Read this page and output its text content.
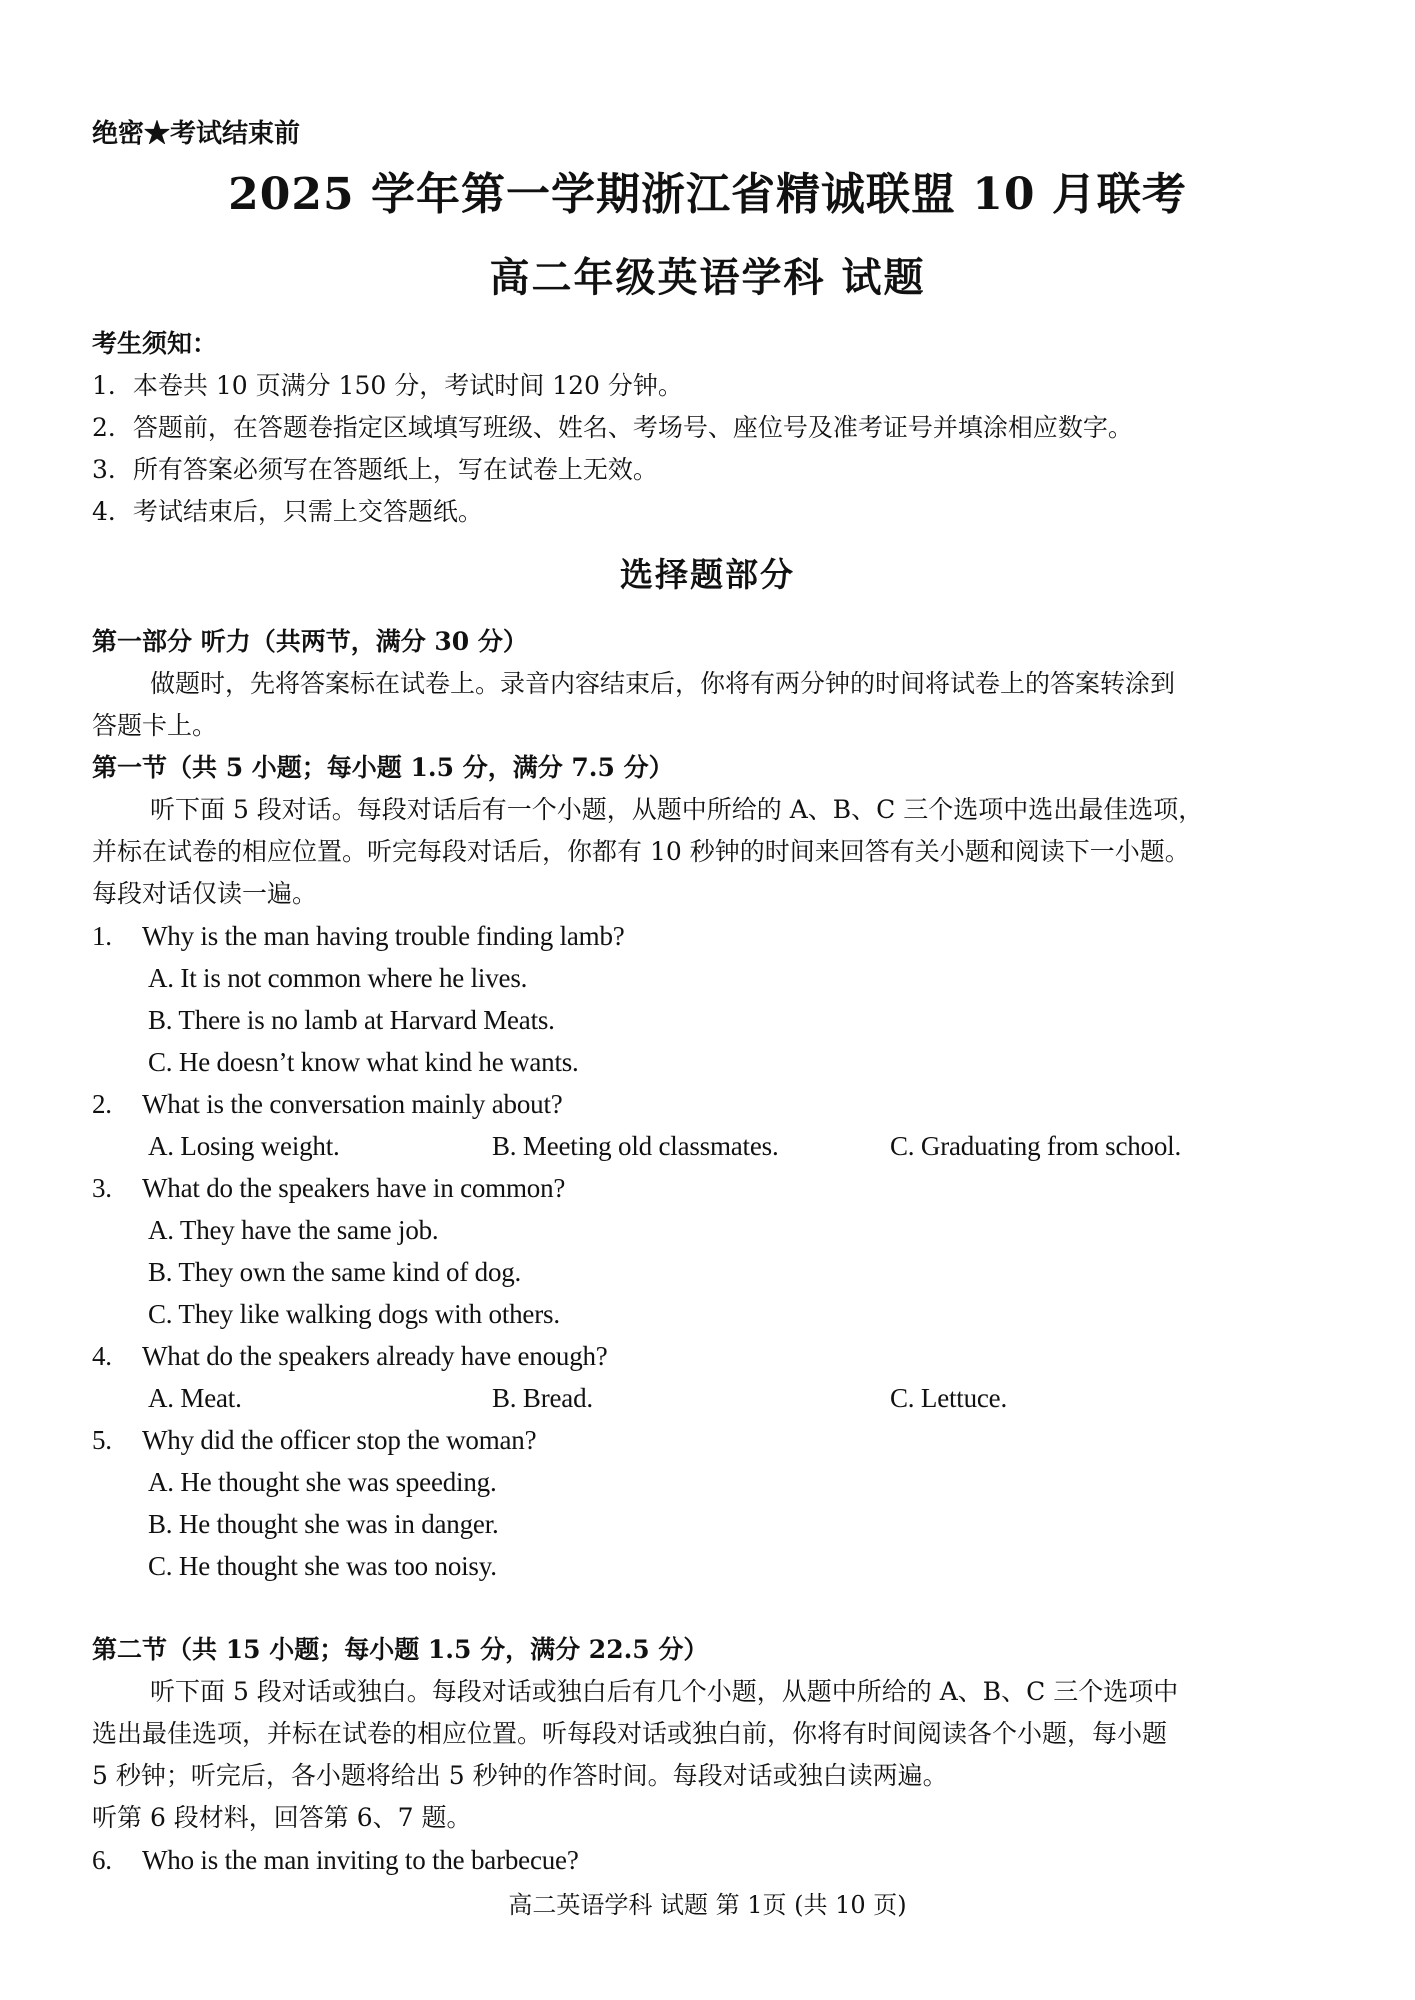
绝密★考试结束前
2025 学年第一学期浙江省精诚联盟 10 月联考
高二年级英语学科 试题
考生须知：
1．本卷共 10 页满分 150 分，考试时间 120 分钟。
2．答题前，在答题卷指定区域填写班级、姓名、考场号、座位号及准考证号并填涂相应数字。
3．所有答案必须写在答题纸上，写在试卷上无效。
4．考试结束后，只需上交答题纸。
选择题部分
第一部分 听力（共两节，满分 30 分）
做题时，先将答案标在试卷上。录音内容结束后，你将有两分钟的时间将试卷上的答案转涂到
答题卡上。
第一节（共 5 小题；每小题 1.5 分，满分 7.5 分）
听下面 5 段对话。每段对话后有一个小题，从题中所给的 A、B、C 三个选项中选出最佳选项，
并标在试卷的相应位置。听完每段对话后，你都有 10 秒钟的时间来回答有关小题和阅读下一小题。
每段对话仅读一遍。
1.	Why is the man having trouble finding lamb?
A. It is not common where he lives.
B. There is no lamb at Harvard Meats.
C. He doesn’t know what kind he wants.
2.	What is the conversation mainly about?
A. Losing weight.	B. Meeting old classmates.	C. Graduating from school.
3.	What do the speakers have in common?
A. They have the same job.
B. They own the same kind of dog.
C. They like walking dogs with others.
4.	What do the speakers already have enough?
A. Meat.	B. Bread.	C. Lettuce.
5.	Why did the officer stop the woman?
A. He thought she was speeding.
B. He thought she was in danger.
C. He thought she was too noisy.
第二节（共 15 小题；每小题 1.5 分，满分 22.5 分）
听下面 5 段对话或独白。每段对话或独白后有几个小题，从题中所给的 A、B、C 三个选项中
选出最佳选项，并标在试卷的相应位置。听每段对话或独白前，你将有时间阅读各个小题，每小题
5 秒钟；听完后，各小题将给出 5 秒钟的作答时间。每段对话或独白读两遍。
听第 6 段材料，回答第 6、7 题。
6.	Who is the man inviting to the barbecue?
高二英语学科 试题 第 1页 (共 10 页)
